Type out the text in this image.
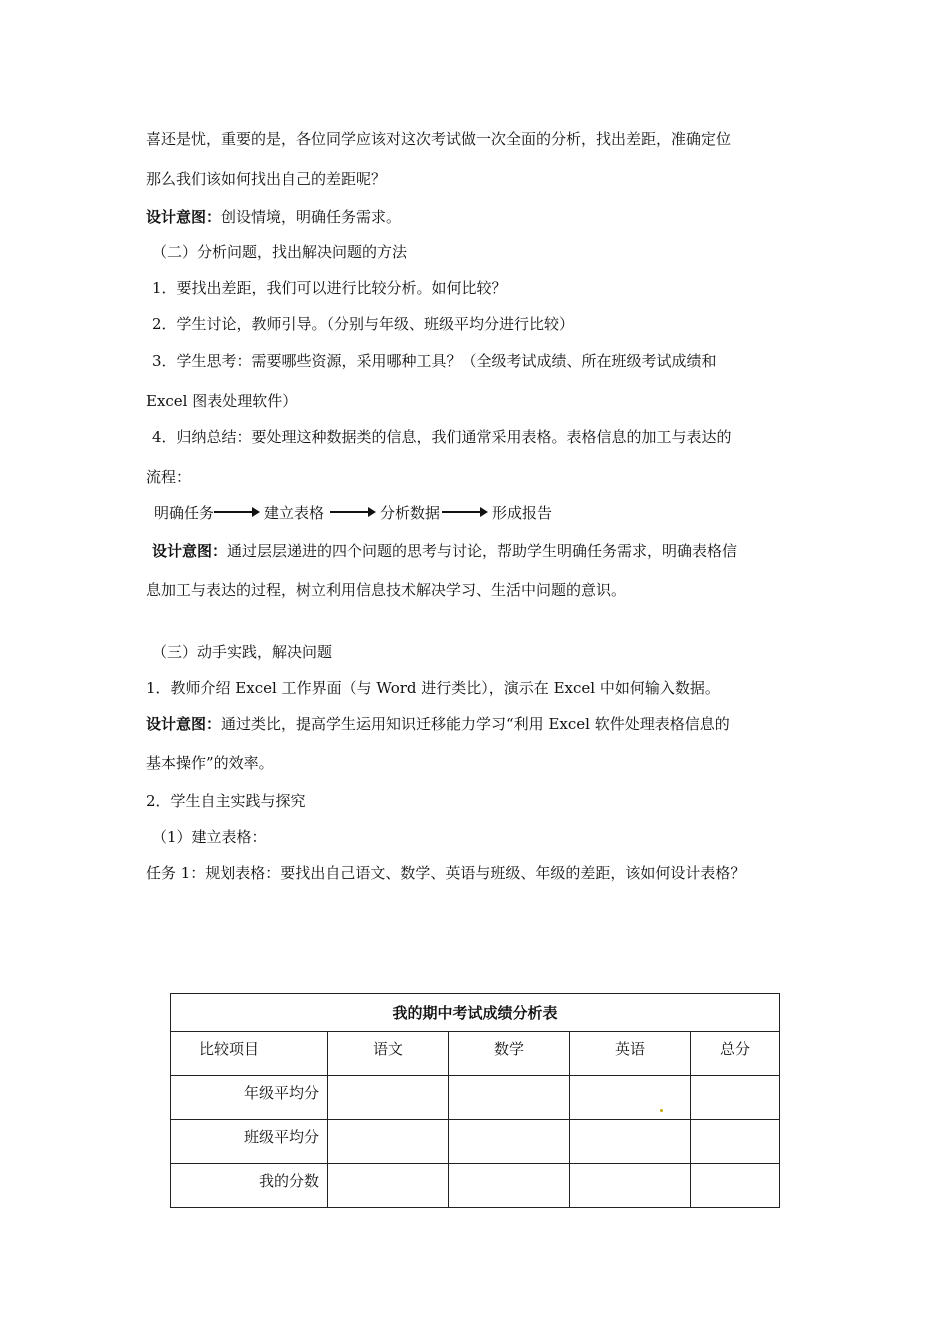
喜还是忧，重要的是，各位同学应该对这次考试做一次全面的分析，找出差距，准确定位
那么我们该如何找出自己的差距呢？
设计意图：创设情境，明确任务需求。
（二）分析问题，找出解决问题的方法
1．要找出差距，我们可以进行比较分析。如何比较？
2．学生讨论，教师引导。（分别与年级、班级平均分进行比较）
3．学生思考：需要哪些资源，采用哪种工具？（全级考试成绩、所在班级考试成绩和
Excel 图表处理软件）
4．归纳总结：要处理这种数据类的信息，我们通常采用表格。表格信息的加工与表达的
流程：
明确任务	建立表格	分析数据	形成报告
设计意图：通过层层递进的四个问题的思考与讨论，帮助学生明确任务需求，明确表格信
息加工与表达的过程，树立利用信息技术解决学习、生活中问题的意识。
（三）动手实践，解决问题
1．教师介绍 Excel 工作界面（与 Word 进行类比），演示在 Excel 中如何输入数据。
设计意图：通过类比，提高学生运用知识迁移能力学习“利用 Excel 软件处理表格信息的
基本操作”的效率。
2．学生自主实践与探究
（1）建立表格：
任务 1：规划表格：要找出自己语文、数学、英语与班级、年级的差距，该如何设计表格？
我的期中考试成绩分析表				
比较项目	语文	数学	英语	总分
年级平均分				
班级平均分				
我的分数				
